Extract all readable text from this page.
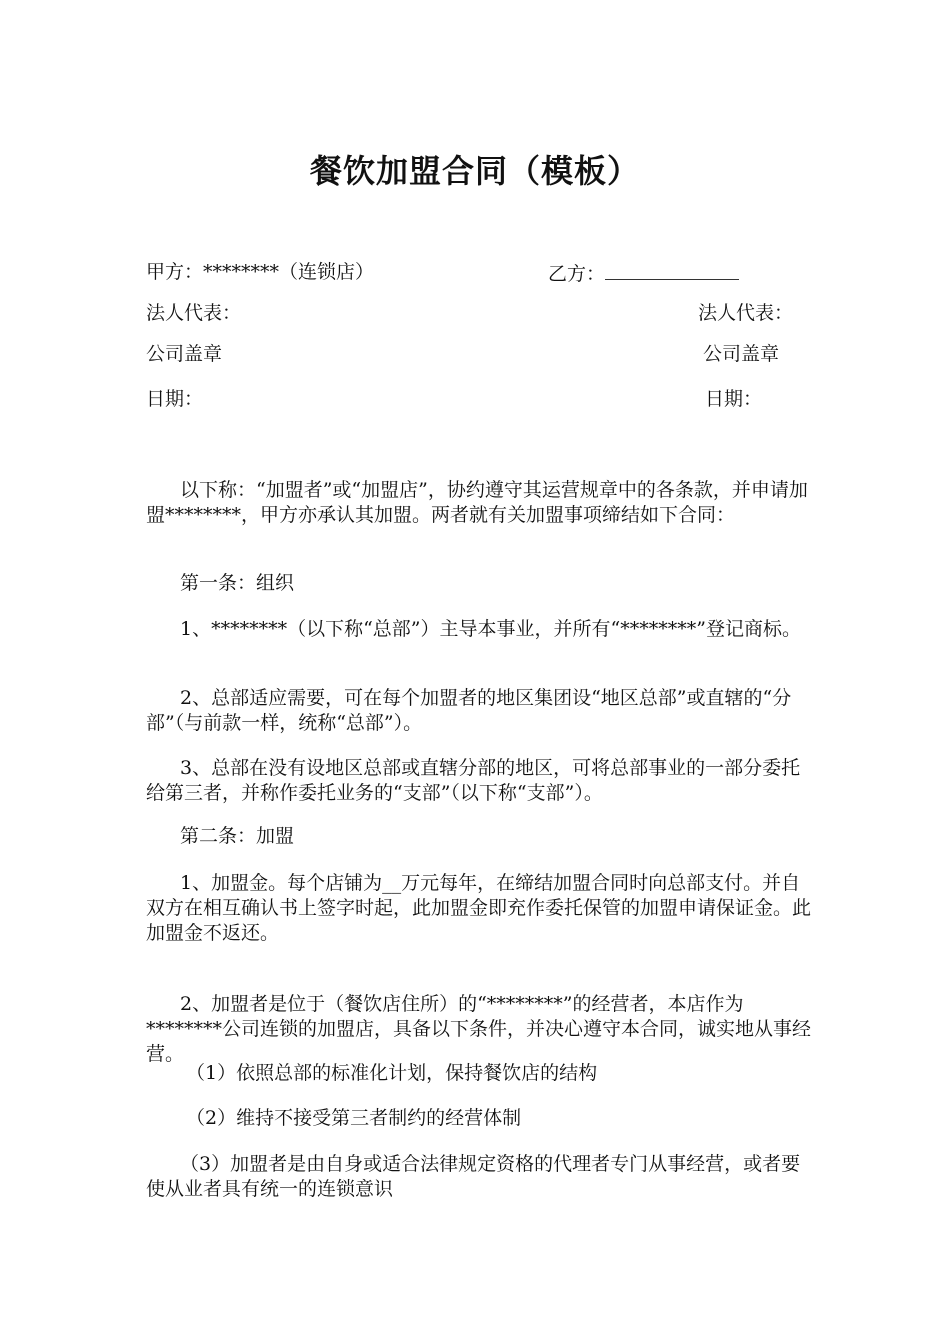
餐饮加盟合同（模板）
甲方：********（连锁店）	乙方：
法人代表：	法人代表：
公司盖章	公司盖章
日期：	日期：

以下称：“加盟者”或“加盟店”，协约遵守其运营规章中的各条款，并申请加盟********，甲方亦承认其加盟。两者就有关加盟事项缔结如下合同：

第一条：组织

1、********（以下称“总部”）主导本事业，并所有“********”登记商标。

2、总部适应需要，可在每个加盟者的地区集团设“地区总部”或直辖的“分部”（与前款一样，统称“总部”）。

3、总部在没有设地区总部或直辖分部的地区，可将总部事业的一部分委托给第三者，并称作委托业务的“支部”（以下称“支部”）。

第二条：加盟

1、加盟金。每个店铺为__万元每年，在缔结加盟合同时向总部支付。并自双方在相互确认书上签字时起，此加盟金即充作委托保管的加盟申请保证金。此加盟金不返还。

2、加盟者是位于（餐饮店住所）的“********”的经营者，本店作为********公司连锁的加盟店，具备以下条件，并决心遵守本合同，诚实地从事经营。

（1）依照总部的标准化计划，保持餐饮店的结构

（2）维持不接受第三者制约的经营体制

（3）加盟者是由自身或适合法律规定资格的代理者专门从事经营，或者要使从业者具有统一的连锁意识
